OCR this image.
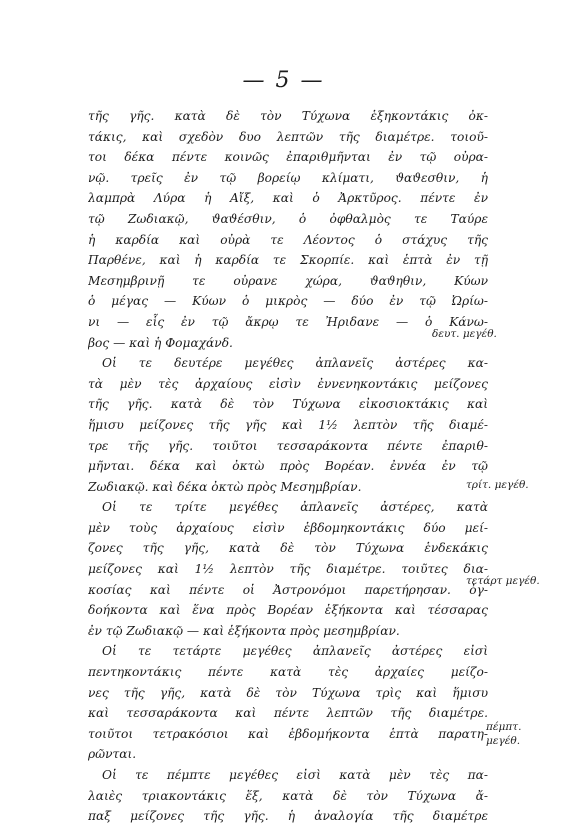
— 5 —
τῆς γῆς. κατὰ δὲ τὸν Τύχωνα ἑξηκοντάκις ὀκ-
τάκις, καὶ σχεδὸν δυο λεπτῶν τῆς διαμέτρε. τοιοῦ-
τοι δέκα πέντε κοινῶς ἐπαριθμῆνται ἐν τῷ οὐρα-
νῷ. τρεῖς ἐν τῷ βορείῳ κλίματι, ϑαϑεσθιν, ἡ
λαμπρὰ Λύρα ἡ Αἴξ, καὶ ὁ Ἀρκτῦρος. πέντε ἐν
τῷ Ζωδιακῷ, ϑαϑέσθιν, ὁ ὀφθαλμὸς τε Ταύρε
ἡ καρδία καὶ οὐρὰ τε Λέοντος ὁ στάχυς τῆς
Παρθένε, καὶ ἡ καρδία τε Σκορπίε. καὶ ἑπτὰ ἐν τῇ
Μεσημβρινῇ τε οὐρανε χώρα, ϑαϑηθιν, Κύων
ὁ μέγας — Κύων ὁ μικρὸς — δύο ἐν τῷ Ὠρίω-
νι — εἷς ἐν τῷ ἄκρῳ τε Ἠριδανε — ὁ Κάνω-
βος — καὶ ἡ Φομαχάνδ.
Οἱ τε δευτέρε μεγέθες ἀπλανεῖς ἀστέρες κα-
τὰ μὲν τὲς ἀρχαίους εἰσὶν ἐννενηκοντάκις μείζονες
τῆς γῆς. κατὰ δὲ τὸν Τύχωνα εἰκοσιοκτάκις καὶ
ἥμισυ μείζονες τῆς γῆς καὶ 1½ λεπτὸν τῆς διαμέ-
τρε τῆς γῆς. τοιῦτοι τεσσαράκοντα πέντε ἐπαριθ-
μῆνται. δέκα καὶ ὀκτὼ πρὸς Βορέαν. ἐννέα ἐν τῷ
Ζωδιακῷ. καὶ δέκα ὀκτὼ πρὸς Μεσημβρίαν.
Οἱ τε τρίτε μεγέθες ἀπλανεῖς ἀστέρες, κατὰ
μὲν τοὺς ἀρχαίους εἰσὶν ἑβδομηκοντάκις δύο μεί-
ζονες τῆς γῆς, κατὰ δὲ τὸν Τύχωνα ἑνδεκάκις
μείζονες καὶ 1½ λεπτὸν τῆς διαμέτρε. τοιῦτες δια-
κοσίας καὶ πέντε οἱ Ἀστρονόμοι παρετήρησαν. ὀγ-
δοήκοντα καὶ ἕνα πρὸς Βορέαν ἑξήκοντα καὶ τέσσαρας
ἐν τῷ Ζωδιακῷ — καὶ ἑξήκοντα πρὸς μεσημβρίαν.
Οἱ τε τετάρτε μεγέθες ἀπλανεῖς ἀστέρες εἰσὶ
πεντηκοντάκις πέντε κατὰ τὲς ἀρχαίες μείζο-
νες τῆς γῆς, κατὰ δὲ τὸν Τύχωνα τρὶς καὶ ἥμισυ
καὶ τεσσαράκοντα καὶ πέντε λεπτῶν τῆς διαμέτρε.
τοιῦτοι τετρακόσιοι καὶ ἑβδομήκοντα ἑπτὰ παρατη-
ρῶνται.
Οἱ τε πέμπτε μεγέθες εἰσὶ κατὰ μὲν τὲς πα-
λαιὲς τριακοντάκις ἕξ, κατὰ δὲ τὸν Τύχωνα ἄ-
παξ μείζονες τῆς γῆς. ἡ ἀναλογία τῆς διαμέτρε
δευτ. μεγέθ.
τρίτ. μεγέθ.
τετάρτ μεγέθ.
πέμπτ. μεγέθ.
